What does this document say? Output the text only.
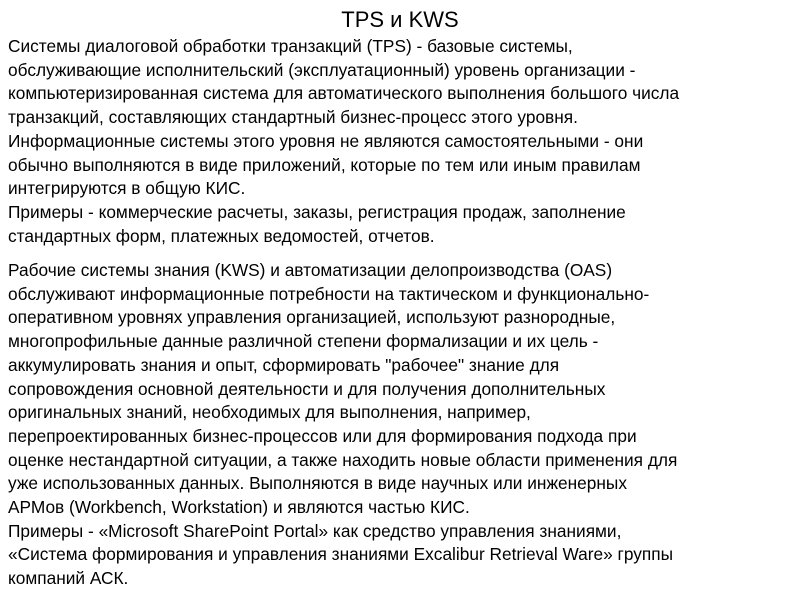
TPS и KWS
Системы диалоговой обработки транзакций (TPS) - базовые системы,
обслуживающие исполнительский (эксплуатационный) уровень организации -
компьютеризированная система для автоматического выполнения большого числа
транзакций, составляющих стандартный бизнес-процесс этого уровня.
Информационные системы этого уровня не являются самостоятельными - они
обычно выполняются в виде приложений, которые по тем или иным правилам
интегрируются в общую КИС.
Примеры - коммерческие расчеты, заказы, регистрация продаж, заполнение
стандартных форм, платежных ведомостей, отчетов.
Рабочие системы знания (KWS) и автоматизации делопроизводства (OAS)
обслуживают информационные потребности на тактическом и функционально-
оперативном уровнях управления организацией, используют разнородные,
многопрофильные данные различной степени формализации и их цель -
аккумулировать знания и опыт, сформировать "рабочее" знание для
сопровождения основной деятельности и для получения дополнительных
оригинальных знаний, необходимых для выполнения, например,
перепроектированных бизнес-процессов или для формирования подхода при
оценке нестандартной ситуации, а также находить новые области применения для
уже использованных данных. Выполняются в виде научных или инженерных
АРМов (Workbench, Workstation) и являются частью КИС.
Примеры - «Microsoft SharePoint Portal» как средство управления знаниями,
«Система формирования и управления знаниями Excalibur Retrieval Ware» группы
компаний АСК.
